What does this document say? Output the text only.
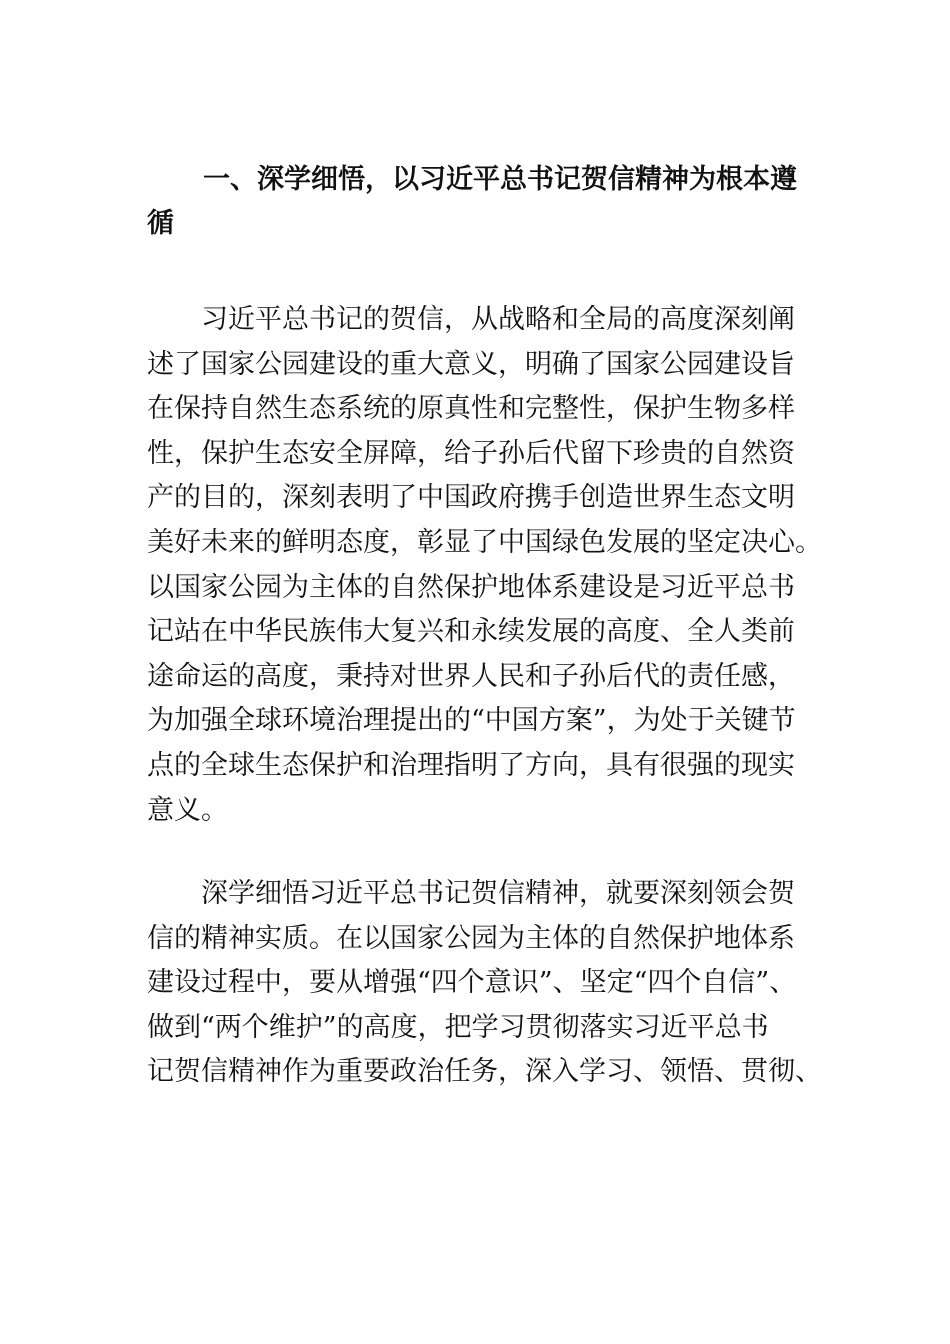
一、深学细悟，以习近平总书记贺信精神为根本遵
循
习近平总书记的贺信，从战略和全局的高度深刻阐
述了国家公园建设的重大意义，明确了国家公园建设旨
在保持自然生态系统的原真性和完整性，保护生物多样
性，保护生态安全屏障，给子孙后代留下珍贵的自然资
产的目的，深刻表明了中国政府携手创造世界生态文明
美好未来的鲜明态度，彰显了中国绿色发展的坚定决心。
以国家公园为主体的自然保护地体系建设是习近平总书
记站在中华民族伟大复兴和永续发展的高度、全人类前
途命运的高度，秉持对世界人民和子孙后代的责任感，
为加强全球环境治理提出的“中国方案”，为处于关键节
点的全球生态保护和治理指明了方向，具有很强的现实
意义。
深学细悟习近平总书记贺信精神，就要深刻领会贺
信的精神实质。在以国家公园为主体的自然保护地体系
建设过程中，要从增强“四个意识”、坚定“四个自信”、
做到“两个维护”的高度，把学习贯彻落实习近平总书
记贺信精神作为重要政治任务，深入学习、领悟、贯彻、
